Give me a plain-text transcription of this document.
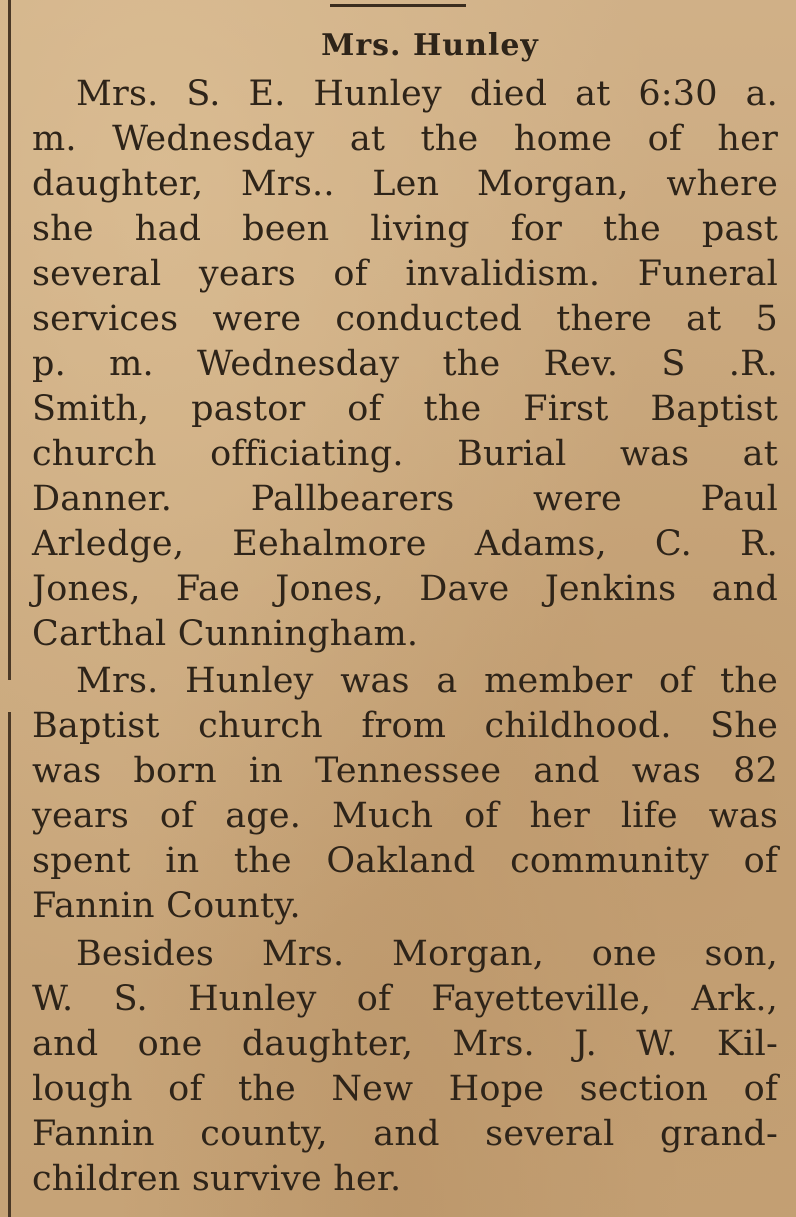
Mrs. Hunley

Mrs. S. E. Hunley died at 6:30 a.
m. Wednesday at the home of her
daughter, Mrs.. Len Morgan, where
she had been living for the past
several years of invalidism. Funeral
services were conducted there at 5
p. m. Wednesday the Rev. S .R.
Smith, pastor of the First Baptist
church officiating. Burial was at
Danner. Pallbearers were Paul
Arledge, Eehalmore Adams, C. R.
Jones, Fae Jones, Dave Jenkins and
Carthal Cunningham.

Mrs. Hunley was a member of the
Baptist church from childhood. She
was born in Tennessee and was 82
years of age. Much of her life was
spent in the Oakland community of
Fannin County.

Besides Mrs. Morgan, one son,
W. S. Hunley of Fayetteville, Ark.,
and one daughter, Mrs. J. W. Kil-
lough of the New Hope section of
Fannin county, and several grand-
children survive her.
